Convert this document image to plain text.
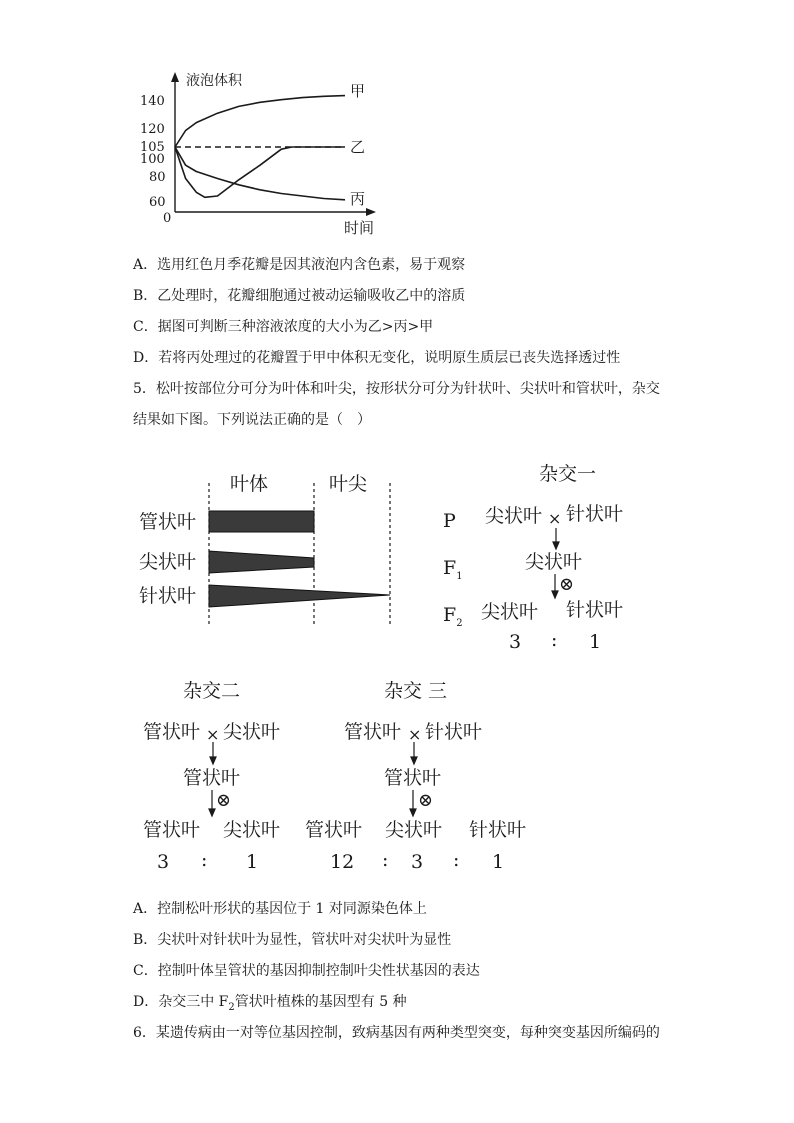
液泡体积
时间
0
140
120
105
100
80
60
甲
乙
丙
A．选用红色月季花瓣是因其液泡内含色素，易于观察
B．乙处理时，花瓣细胞通过被动运输吸收乙中的溶质
C．据图可判断三种溶液浓度的大小为乙>丙>甲
D．若将丙处理过的花瓣置于甲中体积无变化，说明原生质层已丧失选择透过性
5．松叶按部位分可分为叶体和叶尖，按形状分可分为针状叶、尖状叶和管状叶，杂交
结果如下图。下列说法正确的是（　）
叶体	叶尖
管状叶
尖状叶
针状叶
杂交一
P 尖状叶 × 针状叶
$F_1$
尖状叶
⊗
$F_2$
尖状叶 针状叶
3 : 1
杂交二
管状叶 × 尖状叶
管状叶
⊗
管状叶 尖状叶
3 : 1
杂交 三
管状叶 × 针状叶
管状叶
⊗
管状叶 尖状叶 针状叶
12 : 3 : 1
A．控制松叶形状的基因位于 1 对同源染色体上
B．尖状叶对针状叶为显性，管状叶对尖状叶为显性
C．控制叶体呈管状的基因抑制控制叶尖性状基因的表达
D．杂交三中 $F_2$管状叶植株的基因型有 5 种
6．某遗传病由一对等位基因控制，致病基因有两种类型突变，每种突变基因所编码的
